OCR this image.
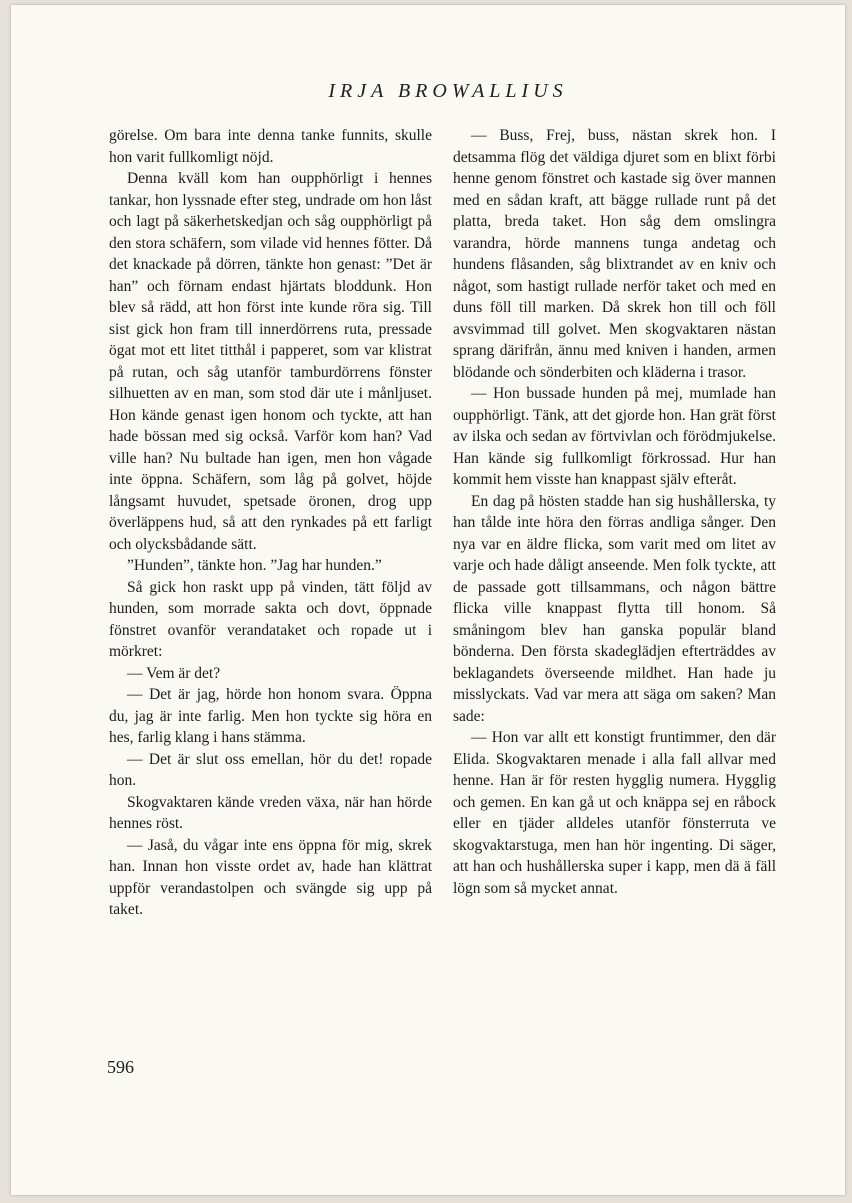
IRJA BROWALLIUS

görelse. Om bara inte denna tanke funnits, skulle hon varit fullkomligt nöjd.

Denna kväll kom han oupphörligt i hennes tankar, hon lyssnade efter steg, undrade om hon låst och lagt på säkerhetskedjan och såg oupphörligt på den stora schäfern, som vilade vid hennes fötter. Då det knackade på dörren, tänkte hon genast: ”Det är han” och förnam endast hjärtats bloddunk. Hon blev så rädd, att hon först inte kunde röra sig. Till sist gick hon fram till innerdörrens ruta, pressade ögat mot ett litet titthål i papperet, som var klistrat på rutan, och såg utanför tamburdörrens fönster silhuetten av en man, som stod där ute i månljuset. Hon kände genast igen honom och tyckte, att han hade bössan med sig också. Varför kom han? Vad ville han? Nu bultade han igen, men hon vågade inte öppna. Schäfern, som låg på golvet, höjde långsamt huvudet, spetsade öronen, drog upp överläppens hud, så att den rynkades på ett farligt och olycksbådande sätt.

”Hunden”, tänkte hon. ”Jag har hunden.”

Så gick hon raskt upp på vinden, tätt följd av hunden, som morrade sakta och dovt, öppnade fönstret ovanför verandataket och ropade ut i mörkret:

— Vem är det?

— Det är jag, hörde hon honom svara. Öppna du, jag är inte farlig. Men hon tyckte sig höra en hes, farlig klang i hans stämma.

— Det är slut oss emellan, hör du det! ropade hon.

Skogvaktaren kände vreden växa, när han hörde hennes röst.

— Jaså, du vågar inte ens öppna för mig, skrek han. Innan hon visste ordet av, hade han klättrat uppför verandastolpen och svängde sig upp på taket.

— Buss, Frej, buss, nästan skrek hon. I detsamma flög det väldiga djuret som en blixt förbi henne genom fönstret och kastade sig över mannen med en sådan kraft, att bägge rullade runt på det platta, breda taket. Hon såg dem omslingra varandra, hörde mannens tunga andetag och hundens flåsanden, såg blixtrandet av en kniv och något, som hastigt rullade nerför taket och med en duns föll till marken. Då skrek hon till och föll avsvimmad till golvet. Men skogvaktaren nästan sprang därifrån, ännu med kniven i handen, armen blödande och sönderbiten och kläderna i trasor.

— Hon bussade hunden på mej, mumlade han oupphörligt. Tänk, att det gjorde hon. Han grät först av ilska och sedan av förtvivlan och förödmjukelse. Han kände sig fullkomligt förkrossad. Hur han kommit hem visste han knappast själv efteråt.

En dag på hösten stadde han sig hushållerska, ty han tålde inte höra den förras andliga sånger. Den nya var en äldre flicka, som varit med om litet av varje och hade dåligt anseende. Men folk tyckte, att de passade gott tillsammans, och någon bättre flicka ville knappast flytta till honom. Så småningom blev han ganska populär bland bönderna. Den första skadeglädjen efterträddes av beklagandets överseende mildhet. Han hade ju misslyckats. Vad var mera att säga om saken? Man sade:

— Hon var allt ett konstigt fruntimmer, den där Elida. Skogvaktaren menade i alla fall allvar med henne. Han är för resten hygglig numera. Hygglig och gemen. En kan gå ut och knäppa sej en råbock eller en tjäder alldeles utanför fönsterruta ve skogvaktarstuga, men han hör ingenting. Di säger, att han och hushållerska super i kapp, men dä ä fäll lögn som så mycket annat.

596
